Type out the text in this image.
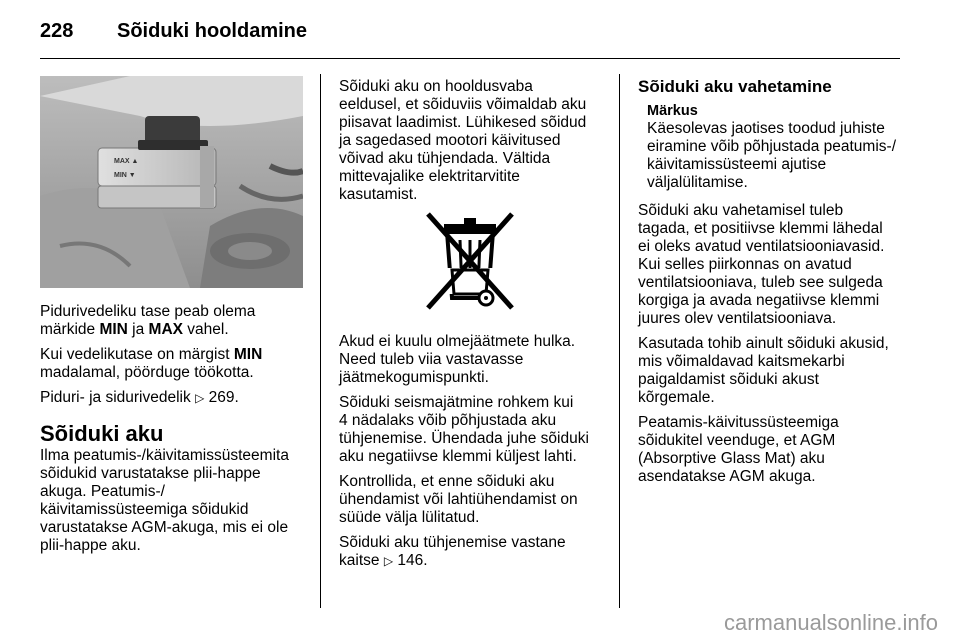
228 Sõiduki hooldamine
MAX ▲
MIN ▼

Pidurivedeliku tase peab olema
märkide MIN ja MAX vahel.

Kui vedelikutase on märgist MIN
madalamal, pöörduge töökotta.

Piduri- ja sidurivedelik ▷ 269.

Sõiduki aku

Ilma peatumis-/käivitamissüsteemita
sõidukid varustatakse plii-happe
akuga. Peatumis-/
käivitamissüsteemiga sõidukid
varustatakse AGM-akuga, mis ei ole
plii-happe aku.

Sõiduki aku on hooldusvaba
eeldusel, et sõiduviis võimaldab aku
piisavat laadimist. Lühikesed sõidud
ja sagedased mootori käivitused
võivad aku tühjendada. Vältida
mittevajalike elektritarvitite
kasutamist.

Akud ei kuulu olmejäätmete hulka.
Need tuleb viia vastavasse
jäätmekogumispunkti.

Sõiduki seismajätmine rohkem kui
4 nädalaks võib põhjustada aku
tühjenemise. Ühendada juhe sõiduki
aku negatiivse klemmi küljest lahti.

Kontrollida, et enne sõiduki aku
ühendamist või lahtiühendamist on
süüde välja lülitatud.

Sõiduki aku tühjenemise vastane
kaitse ▷ 146.

Sõiduki aku vahetamine
Märkus

Käesolevas jaotises toodud juhiste
eiramine võib põhjustada peatumis-/
käivitamissüsteemi ajutise
väljalülitamise.

Sõiduki aku vahetamisel tuleb
tagada, et positiivse klemmi lähedal
ei oleks avatud ventilatsiooniavasid.
Kui selles piirkonnas on avatud
ventilatsiooniava, tuleb see sulgeda
korgiga ja avada negatiivse klemmi
juures olev ventilatsiooniava.

Kasutada tohib ainult sõiduki akusid,
mis võimaldavad kaitsmekarbi
paigaldamist sõiduki akust
kõrgemale.

Peatamis-käivitussüsteemiga
sõidukitel veenduge, et AGM
(Absorptive Glass Mat) aku
asendatakse AGM akuga.

carmanualsonline.info
